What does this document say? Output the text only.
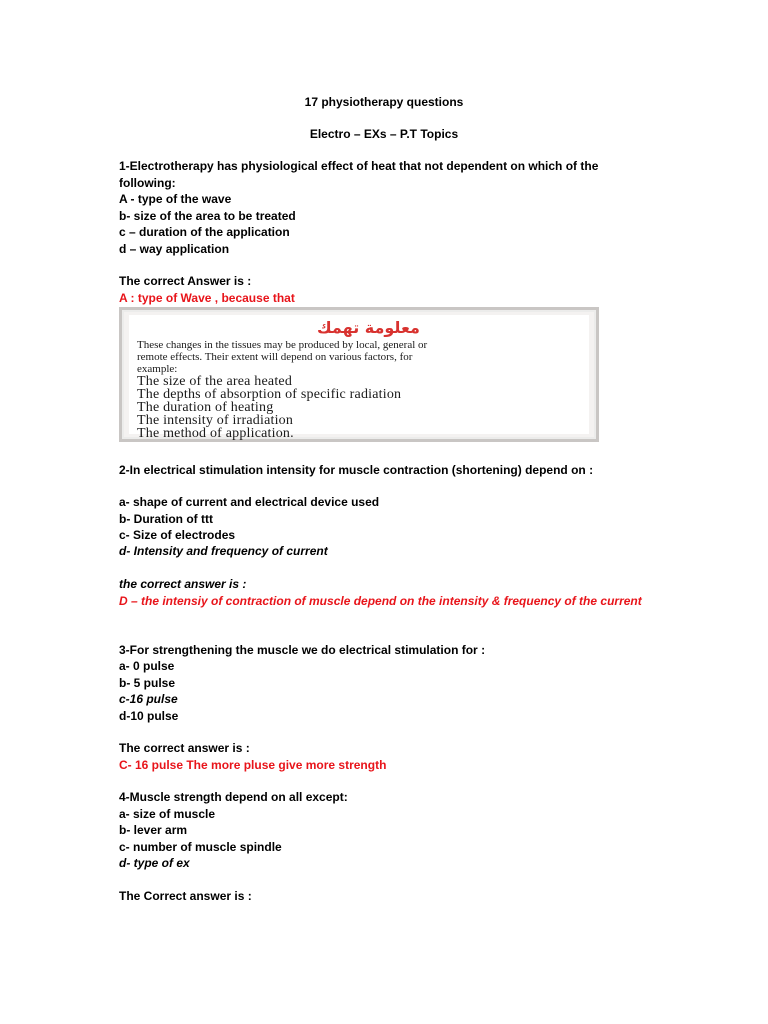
17 physiotherapy questions
Electro – EXs – P.T Topics
1-Electrotherapy has physiological effect of heat that not dependent on which of the
following:
A - type of the wave
b- size of the area to be treated
c – duration of the application
d – way application
The correct Answer is :
A : type of Wave , because that
معلومة تهمك
These changes in the tissues may be produced by local, general or
remote effects. Their extent will depend on various factors, for
example:
The size of the area heated
The depths of absorption of specific radiation
The duration of heating
The intensity of irradiation
The method of application.
2-In electrical stimulation intensity for muscle contraction (shortening) depend on :
a- shape of current and electrical device used
b- Duration of ttt
c- Size of electrodes
d- Intensity and frequency of current
the correct answer is :
D – the intensiy of contraction of muscle depend on the intensity & frequency of the current
3-For strengthening the muscle we do electrical stimulation for :
a- 0 pulse
b- 5 pulse
c-16 pulse
d-10 pulse
The correct answer is :
C- 16 pulse The more pluse give more strength
4-Muscle strength depend on all except:
a- size of muscle
b- lever arm
c- number of muscle spindle
d- type of ex
The Correct answer is :
